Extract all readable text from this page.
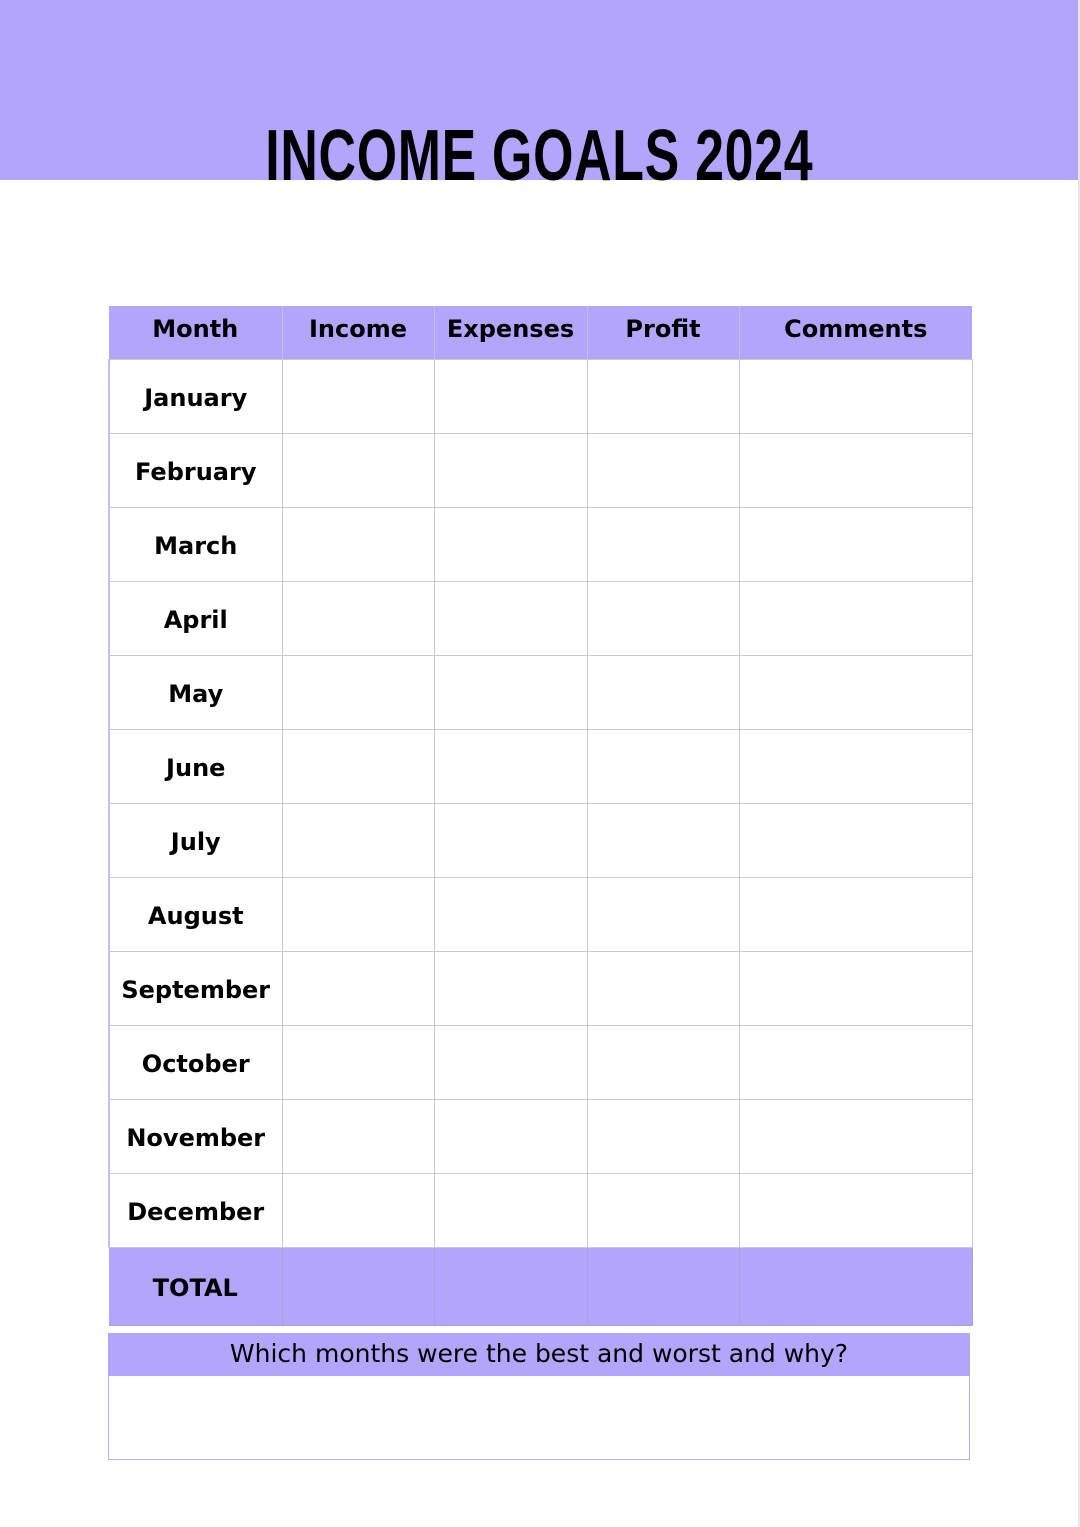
INCOME GOALS 2024
Month	Income	Expenses	Profit	Comments
January				
February				
March				
April				
May				
June				
July				
August				
September				
October				
November				
December				
TOTAL				
Which months were the best and worst and why?
